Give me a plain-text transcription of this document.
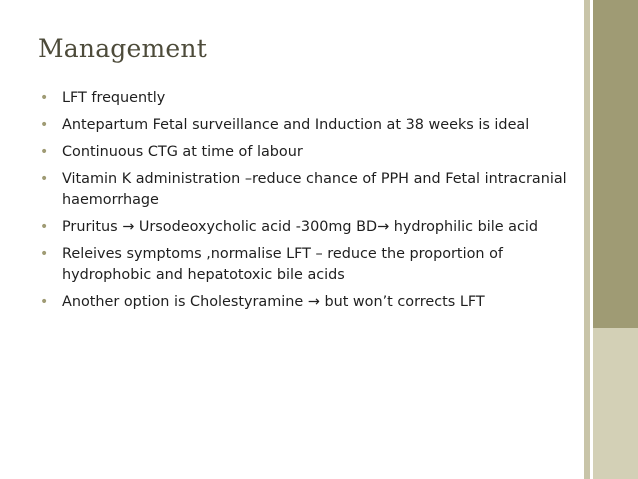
Management
• LFT frequently
• Antepartum Fetal surveillance and Induction at 38 weeks is ideal
• Continuous CTG at time of labour
• Vitamin K administration –reduce chance of PPH and Fetal intracranial haemorrhage
• Pruritus → Ursodeoxycholic acid -300mg BD→ hydrophilic bile acid
• Releives symptoms ,normalise LFT – reduce the proportion of hydrophobic and hepatotoxic bile acids
• Another option is Cholestyramine → but won’t corrects LFT
